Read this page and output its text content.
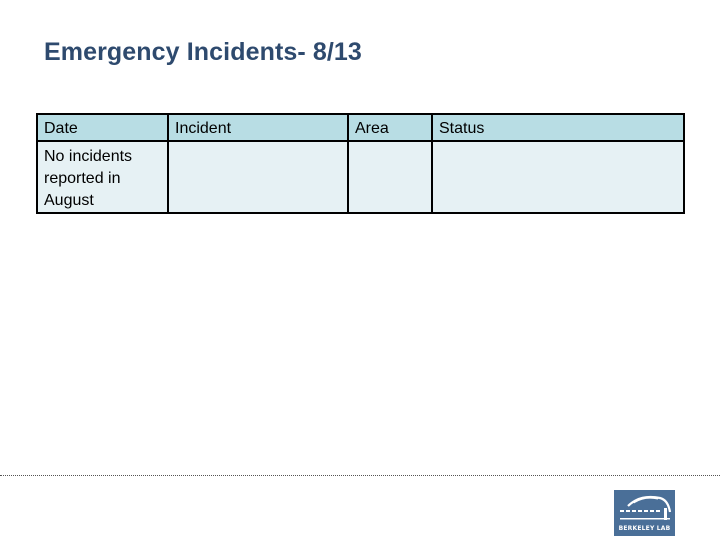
Emergency Incidents- 8/13
Date	Incident	Area	Status
No incidents reported in August			
BERKELEY LAB
